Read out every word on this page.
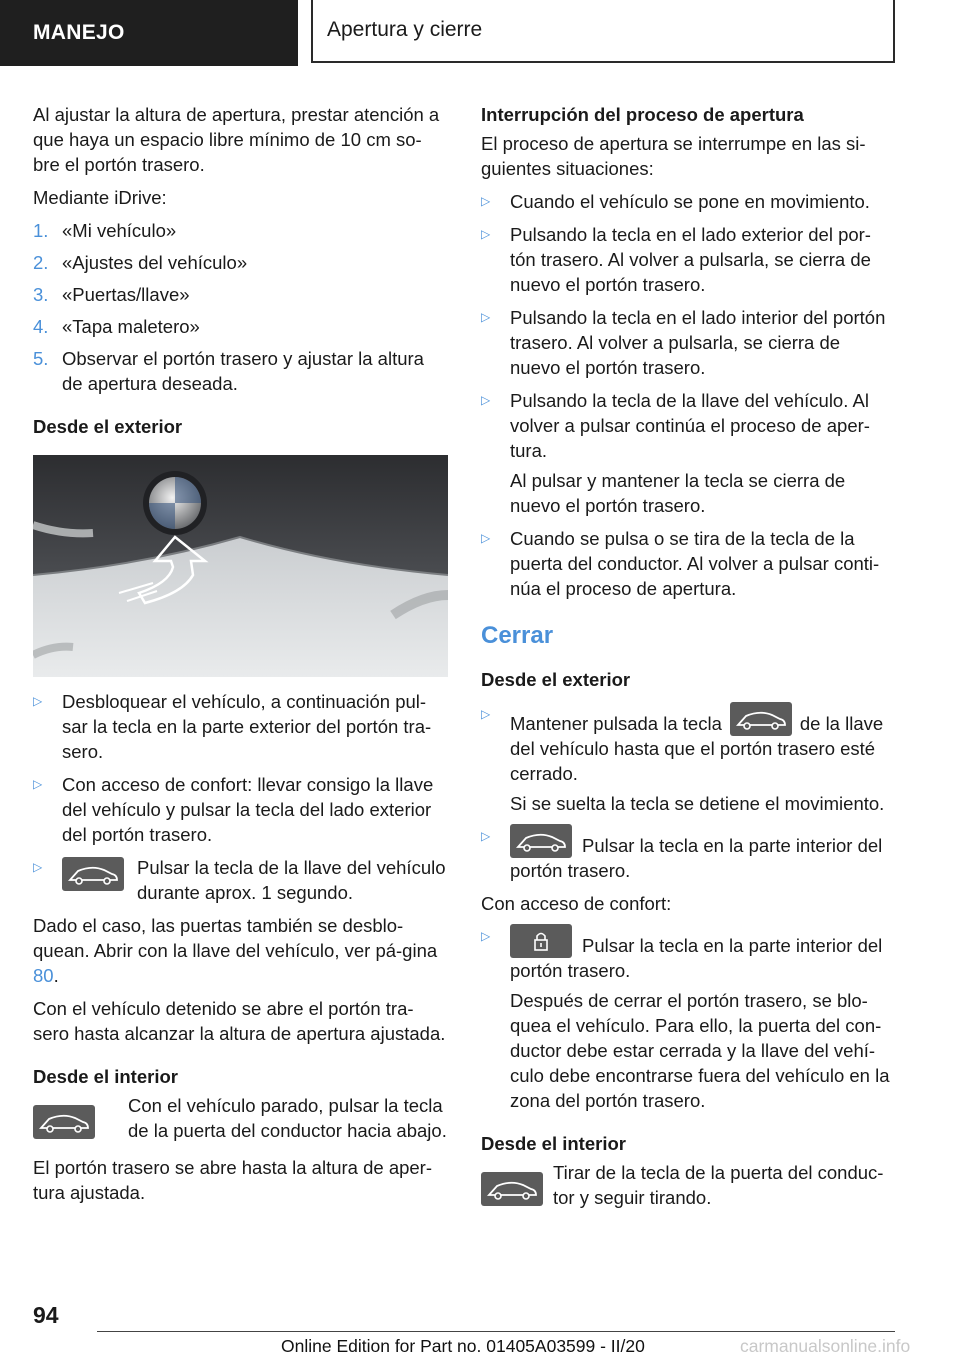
MANEJO	Apertura y cierre

Al ajustar la altura de apertura, prestar atención a que haya un espacio libre mínimo de 10 cm so‐bre el portón trasero.

Mediante iDrive:

1. «Mi vehículo»
2. «Ajustes del vehículo»
3. «Puertas/llave»
4. «Tapa maletero»
5. Observar el portón trasero y ajustar la altura de apertura deseada.

Desde el exterior

▷ Desbloquear el vehículo, a continuación pul‐sar la tecla en la parte exterior del portón tra‐sero.
▷ Con acceso de confort: llevar consigo la llave del vehículo y pulsar la tecla del lado exterior del portón trasero.
▷	Pulsar la tecla de la llave del vehículo durante aprox. 1 segundo.

Dado el caso, las puertas también se desblo‐quean. Abrir con la llave del vehículo, ver pá‐gina 80.

Con el vehículo detenido se abre el portón tra‐sero hasta alcanzar la altura de apertura ajustada.

Desde el interior

Con el vehículo parado, pulsar la tecla de la puerta del conductor hacia abajo.

El portón trasero se abre hasta la altura de aper‐tura ajustada.

Interrupción del proceso de apertura

El proceso de apertura se interrumpe en las si‐guientes situaciones:

▷ Cuando el vehículo se pone en movimiento.
▷ Pulsando la tecla en el lado exterior del por‐tón trasero. Al volver a pulsarla, se cierra de nuevo el portón trasero.
▷ Pulsando la tecla en el lado interior del portón trasero. Al volver a pulsarla, se cierra de nuevo el portón trasero.
▷ Pulsando la tecla de la llave del vehículo. Al volver a pulsar continúa el proceso de aper‐tura.

Al pulsar y mantener la tecla se cierra de nuevo el portón trasero.

▷ Cuando se pulsa o se tira de la tecla de la puerta del conductor. Al volver a pulsar conti‐núa el proceso de apertura.

Cerrar

Desde el exterior

▷ Mantener pulsada la tecla	de la llave del vehículo hasta que el portón trasero esté cerrado.

Si se suelta la tecla se detiene el movimiento.

▷	Pulsar la tecla en la parte interior del portón trasero.

Con acceso de confort:

▷	Pulsar la tecla en la parte interior del portón trasero.

Después de cerrar el portón trasero, se blo‐quea el vehículo. Para ello, la puerta del con‐ductor debe estar cerrada y la llave del vehí‐culo debe encontrarse fuera del vehículo en la zona del portón trasero.

Desde el interior

Tirar de la tecla de la puerta del conduc‐tor y seguir tirando.
94
Online Edition for Part no. 01405A03599 - II/20	carmanualsonline.info
